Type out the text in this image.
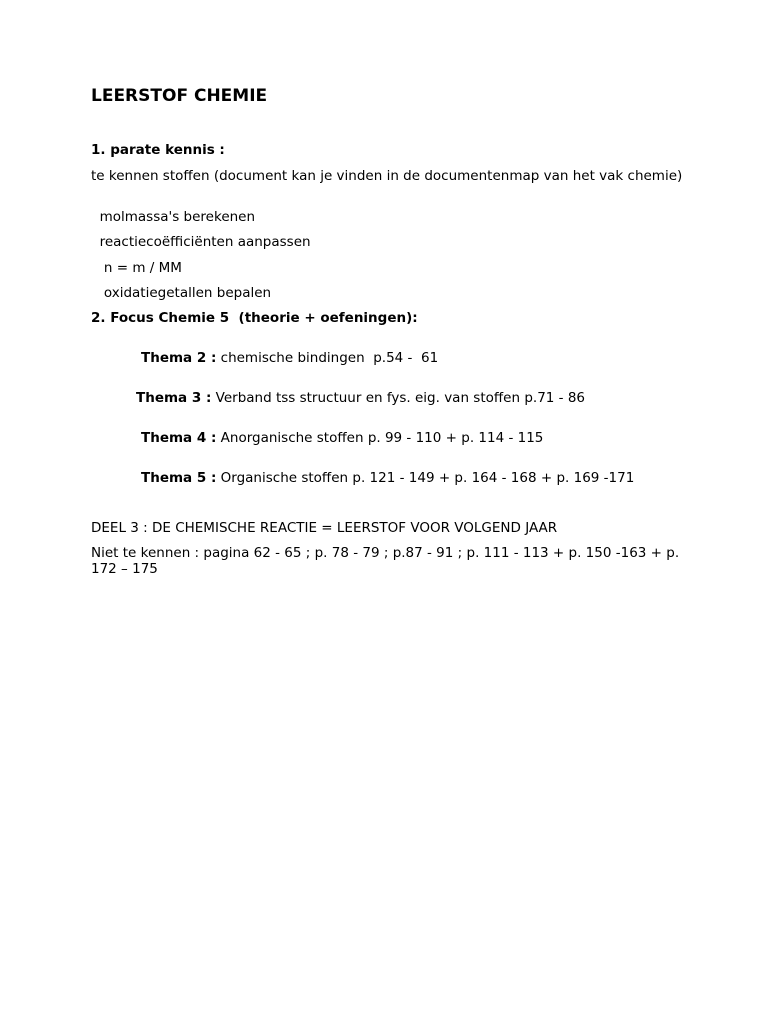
LEERSTOF CHEMIE
1. parate kennis :
te kennen stoffen (document kan je vinden in de documentenmap van het vak chemie)
molmassa's berekenen
reactiecoëfficiënten aanpassen
n = m / MM
oxidatiegetallen bepalen
2. Focus Chemie 5  (theorie + oefeningen):
Thema 2 : chemische bindingen  p.54 -  61
Thema 3 : Verband tss structuur en fys. eig. van stoffen p.71 - 86
Thema 4 : Anorganische stoffen p. 99 - 110 + p. 114 - 115
Thema 5 : Organische stoffen p. 121 - 149 + p. 164 - 168 + p. 169 -171
DEEL 3 : DE CHEMISCHE REACTIE = LEERSTOF VOOR VOLGEND JAAR
Niet te kennen : pagina 62 - 65 ; p. 78 - 79 ; p.87 - 91 ; p. 111 - 113 + p. 150 -163 + p. 172 – 175
